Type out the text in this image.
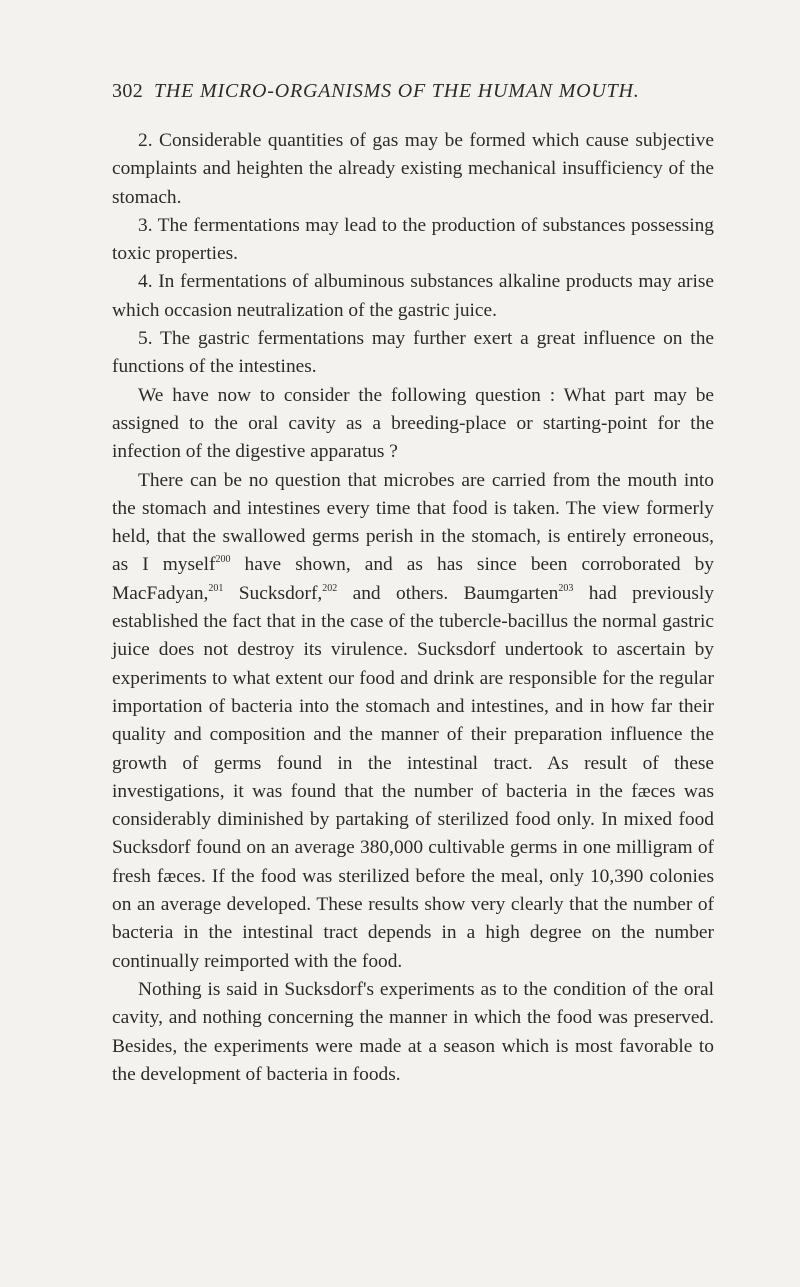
302 THE MICRO-ORGANISMS OF THE HUMAN MOUTH.

2. Considerable quantities of gas may be formed which cause subjective complaints and heighten the already existing mechanical insufficiency of the stomach.

3. The fermentations may lead to the production of substances possessing toxic properties.

4. In fermentations of albuminous substances alkaline products may arise which occasion neutralization of the gastric juice.

5. The gastric fermentations may further exert a great influence on the functions of the intestines.

We have now to consider the following question : What part may be assigned to the oral cavity as a breeding-place or starting-point for the infection of the digestive apparatus ?

There can be no question that microbes are carried from the mouth into the stomach and intestines every time that food is taken. The view formerly held, that the swallowed germs perish in the stomach, is entirely erroneous, as I myself$^{200}$ have shown, and as has since been corroborated by MacFadyan,$^{201}$ Sucksdorf,$^{202}$ and others. Baumgarten$^{203}$ had previously established the fact that in the case of the tubercle-bacillus the normal gastric juice does not destroy its virulence. Sucksdorf undertook to ascertain by experiments to what extent our food and drink are responsible for the regular importation of bacteria into the stomach and intestines, and in how far their quality and composition and the manner of their preparation influence the growth of germs found in the intestinal tract. As result of these investigations, it was found that the number of bacteria in the fæces was considerably diminished by partaking of sterilized food only. In mixed food Sucksdorf found on an average 380,000 cultivable germs in one milligram of fresh fæces. If the food was sterilized before the meal, only 10,390 colonies on an average developed. These results show very clearly that the number of bacteria in the intestinal tract depends in a high degree on the number continually reimported with the food.

Nothing is said in Sucksdorf's experiments as to the condition of the oral cavity, and nothing concerning the manner in which the food was preserved. Besides, the experiments were made at a season which is most favorable to the development of bacteria in foods.
